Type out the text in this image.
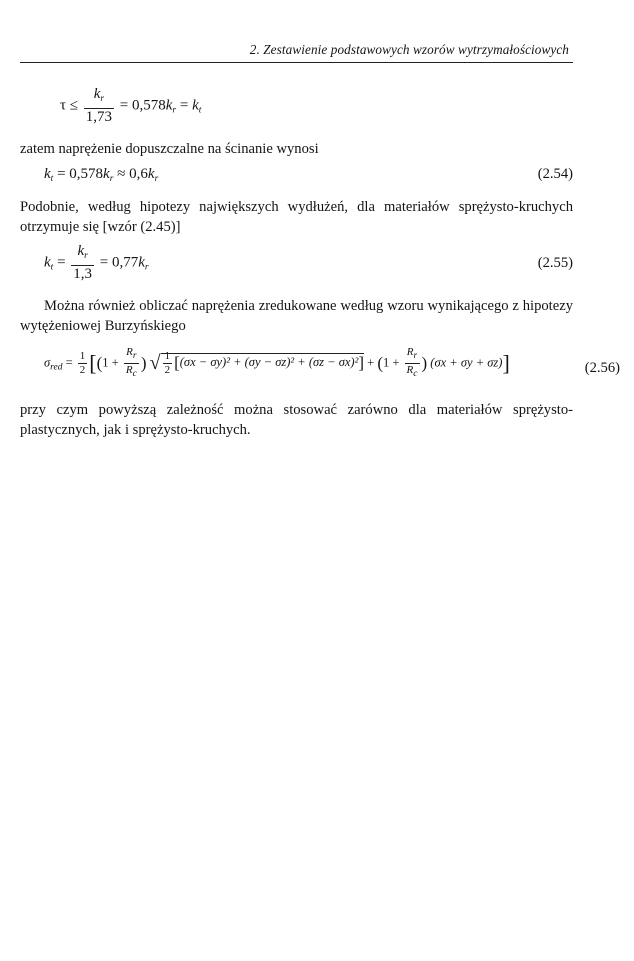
2. Zestawienie podstawowych wzorów wytrzymałościowych
$\tau \le \frac{k_r}{1,73} = 0,578k_r = k_t$

zatem naprężenie dopuszczalne na ścinanie wynosi

$k_t = 0,578k_r \approx 0,6k_r$	(2.54)

Podobnie, według hipotezy największych wydłużeń, dla materiałów sprężysto-kruchych otrzymuje się [wzór (2.45)]

$k_t = \frac{k_r}{1,3} = 0,77k_r$	(2.55)

Można również obliczać naprężenia zredukowane według wzoru wynikającego z hipotezy wytężeniowej Burzyńskiego

$\sigma_{red} = \frac{1}{2} [(1 + \frac{Rr}{Rc}$ ) √ $\frac{1}{2} [(\sigma x - \sigma y)^2 + (\sigma y - \sigma z)^2 + (\sigma z - \sigma x)^2] + (1 + \frac{Rr}{Rc}$ ) (σx + σy + σz)]	(2.56)

przy czym powyższą zależność można stosować zarówno dla materiałów sprężysto-plastycznych, jak i sprężysto-kruchych.
